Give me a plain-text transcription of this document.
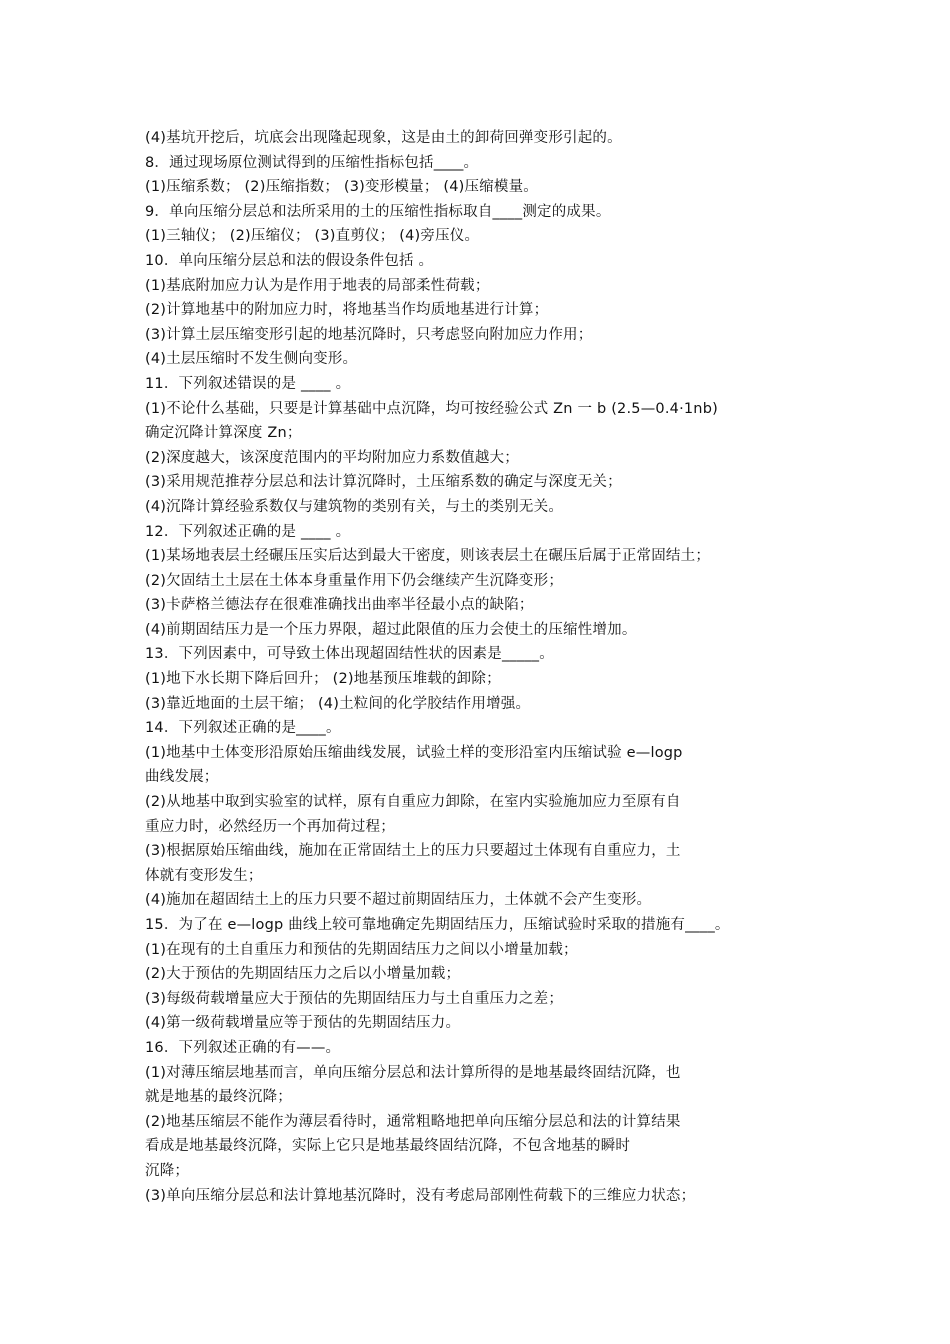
(4)基坑开挖后，坑底会出现隆起现象，这是由土的卸荷回弹变形引起的。
8．通过现场原位测试得到的压缩性指标包括____。
(1)压缩系数； (2)压缩指数； (3)变形模量； (4)压缩模量。
9．单向压缩分层总和法所采用的土的压缩性指标取自____测定的成果。
(1)三轴仪； (2)压缩仪； (3)直剪仪； (4)旁压仪。
10．单向压缩分层总和法的假设条件包括 。
(1)基底附加应力认为是作用于地表的局部柔性荷载；
(2)计算地基中的附加应力时，将地基当作均质地基进行计算；
(3)计算土层压缩变形引起的地基沉降时，只考虑竖向附加应力作用；
(4)土层压缩时不发生侧向变形。
11．下列叙述错误的是 ____ 。
(1)不论什么基础，只要是计算基础中点沉降，均可按经验公式 Zn 一 b (2.5—0.4·1nb)
确定沉降计算深度 Zn；
(2)深度越大，该深度范围内的平均附加应力系数值越大；
(3)采用规范推荐分层总和法计算沉降时，土压缩系数的确定与深度无关；
(4)沉降计算经验系数仅与建筑物的类别有关，与土的类别无关。
12．下列叙述正确的是 ____ 。
(1)某场地表层土经碾压压实后达到最大干密度，则该表层土在碾压后属于正常固结土；
(2)欠固结土土层在土体本身重量作用下仍会继续产生沉降变形；
(3)卡萨格兰德法存在很难准确找出曲率半径最小点的缺陷；
(4)前期固结压力是一个压力界限，超过此限值的压力会使土的压缩性增加。
13．下列因素中，可导致土体出现超固结性状的因素是_____。
(1)地下水长期下降后回升； (2)地基预压堆载的卸除；
(3)靠近地面的土层干缩； (4)土粒间的化学胶结作用增强。
14．下列叙述正确的是____。
(1)地基中土体变形沿原始压缩曲线发展，试验土样的变形沿室内压缩试验 e—logp
曲线发展；
(2)从地基中取到实验室的试样，原有自重应力卸除，在室内实验施加应力至原有自
重应力时，必然经历一个再加荷过程；
(3)根据原始压缩曲线，施加在正常固结土上的压力只要超过土体现有自重应力，土
体就有变形发生；
(4)施加在超固结土上的压力只要不超过前期固结压力，土体就不会产生变形。
15．为了在 e—logp 曲线上较可靠地确定先期固结压力，压缩试验时采取的措施有____。
(1)在现有的土自重压力和预估的先期固结压力之间以小增量加载；
(2)大于预估的先期固结压力之后以小增量加载；
(3)每级荷载增量应大于预估的先期固结压力与土自重压力之差；
(4)第一级荷载增量应等于预估的先期固结压力。
16．下列叙述正确的有——。
(1)对薄压缩层地基而言，单向压缩分层总和法计算所得的是地基最终固结沉降，也
就是地基的最终沉降；
(2)地基压缩层不能作为薄层看待时，通常粗略地把单向压缩分层总和法的计算结果
看成是地基最终沉降，实际上它只是地基最终固结沉降，不包含地基的瞬时
沉降；
(3)单向压缩分层总和法计算地基沉降时，没有考虑局部刚性荷载下的三维应力状态；
